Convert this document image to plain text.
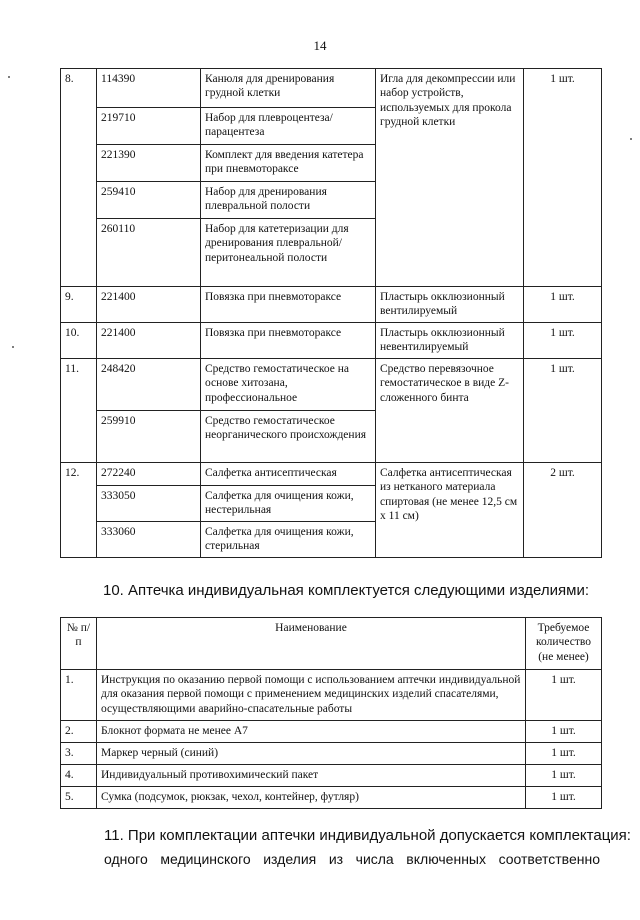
14
8.	114390	Канюля для дренирования грудной клетки	Игла для декомпрессии или набор устройств, используемых для прокола грудной клетки	1 шт.
	219710	Набор для плевроцентеза/парацентеза		
	221390	Комплект для введения катетера при пневмотораксе		
	259410	Набор для дренирования плевральной полости		
	260110	Набор для катетеризации для дренирования плевральной/перитонеальной полости		
9.	221400	Повязка при пневмотораксе	Пластырь окклюзионный вентилируемый	1 шт.
10.	221400	Повязка при пневмотораксе	Пластырь окклюзионный невентилируемый	1 шт.
11.	248420	Средство гемостатическое на основе хитозана, профессиональное	Средство перевязочное гемостатическое в виде Z-сложенного бинта	1 шт.
	259910	Средство гемостатическое неорганического происхождения		
12.	272240	Салфетка антисептическая	Салфетка антисептическая из нетканого материала спиртовая (не менее 12,5 см х 11 см)	2 шт.
	333050	Салфетка для очищения кожи, нестерильная		
	333060	Салфетка для очищения кожи, стерильная		
10. Аптечка индивидуальная комплектуется следующими изделиями:
№ п/п	Наименование	Требуемое количество (не менее)
1.	Инструкция по оказанию первой помощи с использованием аптечки индивидуальной для оказания первой помощи с применением медицинских изделий спасателями, осуществляющими аварийно-спасательные работы	1 шт.
2.	Блокнот формата не менее А7	1 шт.
3.	Маркер черный (синий)	1 шт.
4.	Индивидуальный противохимический пакет	1 шт.
5.	Сумка (подсумок, рюкзак, чехол, контейнер, футляр)	1 шт.
11. При комплектации аптечки индивидуальной допускается комплектация:
одного медицинского изделия из числа включенных соответственно
